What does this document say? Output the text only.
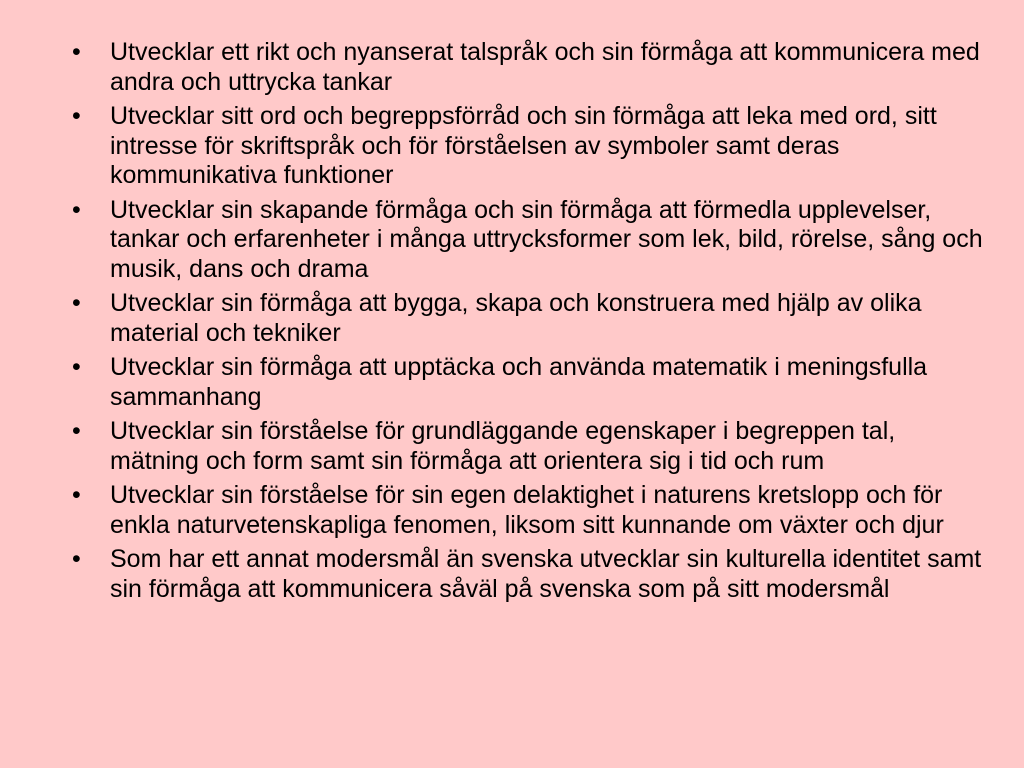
• Utvecklar ett rikt och nyanserat talspråk och sin förmåga att kommunicera med andra och uttrycka tankar
• Utvecklar sitt ord och begreppsförråd och sin förmåga att leka med ord, sitt intresse för skriftspråk och för förståelsen av symboler samt deras kommunikativa funktioner
• Utvecklar sin skapande förmåga och sin förmåga att förmedla upplevelser, tankar och erfarenheter i många uttrycksformer som lek, bild, rörelse, sång och musik, dans och drama
• Utvecklar sin förmåga att bygga, skapa och konstruera med hjälp av olika material och tekniker
• Utvecklar sin förmåga att upptäcka och använda matematik i meningsfulla sammanhang
• Utvecklar sin förståelse för grundläggande egenskaper i begreppen tal, mätning och form samt sin förmåga att orientera sig i tid och rum
• Utvecklar sin förståelse för sin egen delaktighet i naturens kretslopp och för enkla naturvetenskapliga fenomen, liksom sitt kunnande om växter och djur
• Som har ett annat modersmål än svenska utvecklar sin kulturella identitet samt sin förmåga att kommunicera såväl på svenska som på sitt modersmål
